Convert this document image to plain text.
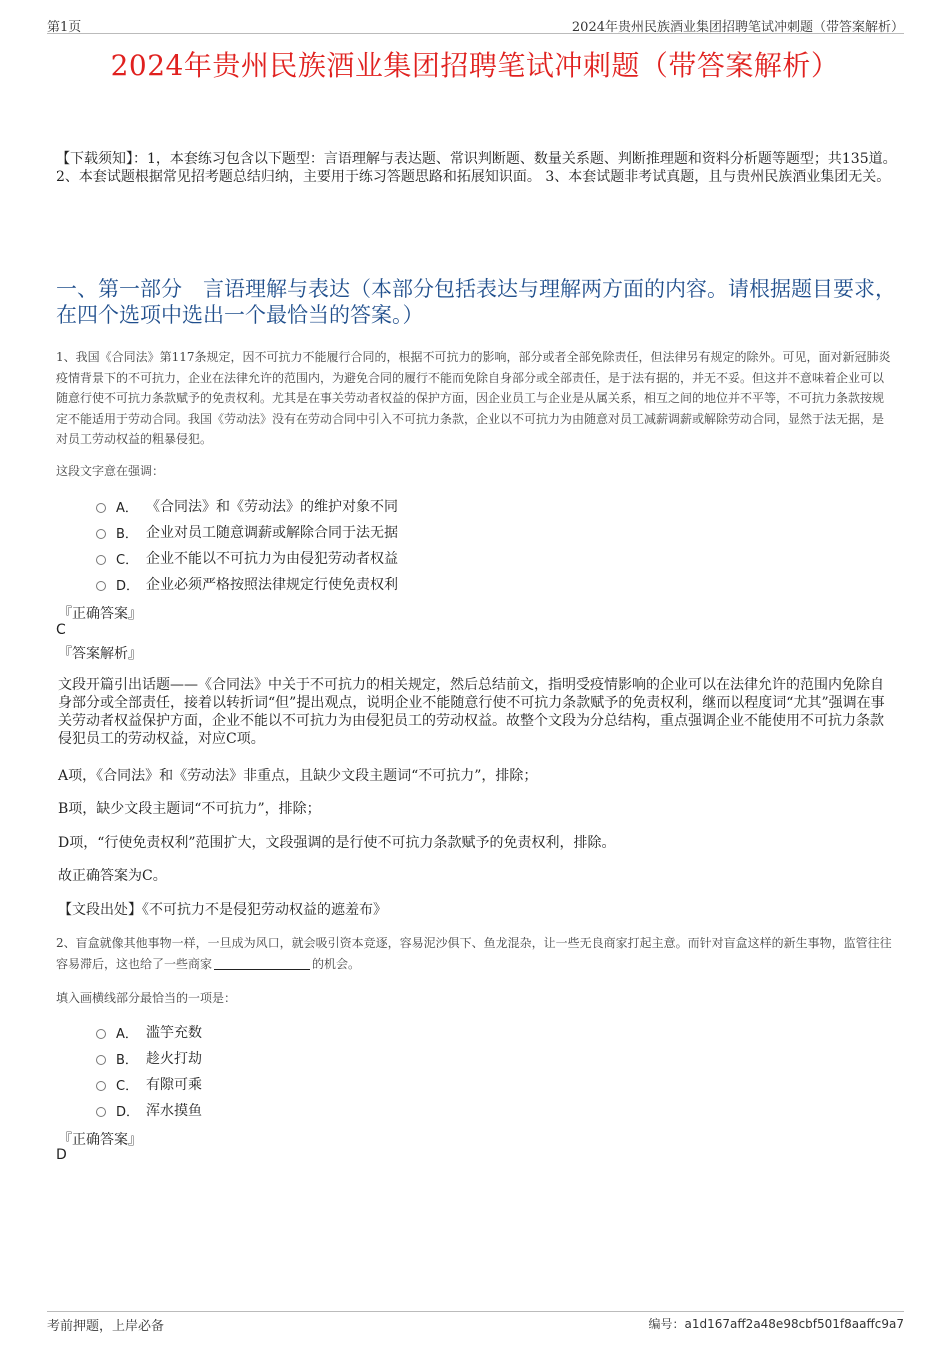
第1页	2024年贵州民族酒业集团招聘笔试冲刺题（带答案解析）
2024年贵州民族酒业集团招聘笔试冲刺题（带答案解析）
【下载须知】：1，本套练习包含以下题型：言语理解与表达题、常识判断题、数量关系题、判断推理题和资料分析题等题型；共135道。 2、本套试题根据常见招考题总结归纳，主要用于练习答题思路和拓展知识面。 3、本套试题非考试真题，且与贵州民族酒业集团无关。
一、第一部分　言语理解与表达（本部分包括表达与理解两方面的内容。请根据题目要求，在四个选项中选出一个最恰当的答案。）
1、我国《合同法》第117条规定，因不可抗力不能履行合同的，根据不可抗力的影响，部分或者全部免除责任，但法律另有规定的除外。可见，面对新冠肺炎疫情背景下的不可抗力，企业在法律允许的范围内，为避免合同的履行不能而免除自身部分或全部责任，是于法有据的，并无不妥。但这并不意味着企业可以随意行使不可抗力条款赋予的免责权利。尤其是在事关劳动者权益的保护方面，因企业员工与企业是从属关系，相互之间的地位并不平等，不可抗力条款按规定不能适用于劳动合同。我国《劳动法》没有在劳动合同中引入不可抗力条款，企业以不可抗力为由随意对员工减薪调薪或解除劳动合同，显然于法无据，是对员工劳动权益的粗暴侵犯。
这段文字意在强调：
A． 《合同法》和《劳动法》的维护对象不同
B． 企业对员工随意调薪或解除合同于法无据
C． 企业不能以不可抗力为由侵犯劳动者权益
D． 企业必须严格按照法律规定行使免责权利
『正确答案』
C
『答案解析』
文段开篇引出话题——《合同法》中关于不可抗力的相关规定，然后总结前文，指明受疫情影响的企业可以在法律允许的范围内免除自身部分或全部责任，接着以转折词“但”提出观点，说明企业不能随意行使不可抗力条款赋予的免责权利，继而以程度词“尤其”强调在事关劳动者权益保护方面，企业不能以不可抗力为由侵犯员工的劳动权益。故整个文段为分总结构，重点强调企业不能使用不可抗力条款侵犯员工的劳动权益，对应C项。
A项，《合同法》和《劳动法》非重点，且缺少文段主题词“不可抗力”，排除；
B项，缺少文段主题词“不可抗力”，排除；
D项，“行使免责权利”范围扩大，文段强调的是行使不可抗力条款赋予的免责权利，排除。
故正确答案为C。
【文段出处】《不可抗力不是侵犯劳动权益的遮羞布》
2、盲盒就像其他事物一样，一旦成为风口，就会吸引资本竞逐，容易泥沙俱下、鱼龙混杂，让一些无良商家打起主意。而针对盲盒这样的新生事物，监管往往容易滞后，这也给了一些商家	的机会。
填入画横线部分最恰当的一项是：
A． 滥竽充数
B． 趁火打劫
C． 有隙可乘
D． 浑水摸鱼
『正确答案』
D
考前押题，上岸必备	编号：a1d167aff2a48e98cbf501f8aaffc9a7
